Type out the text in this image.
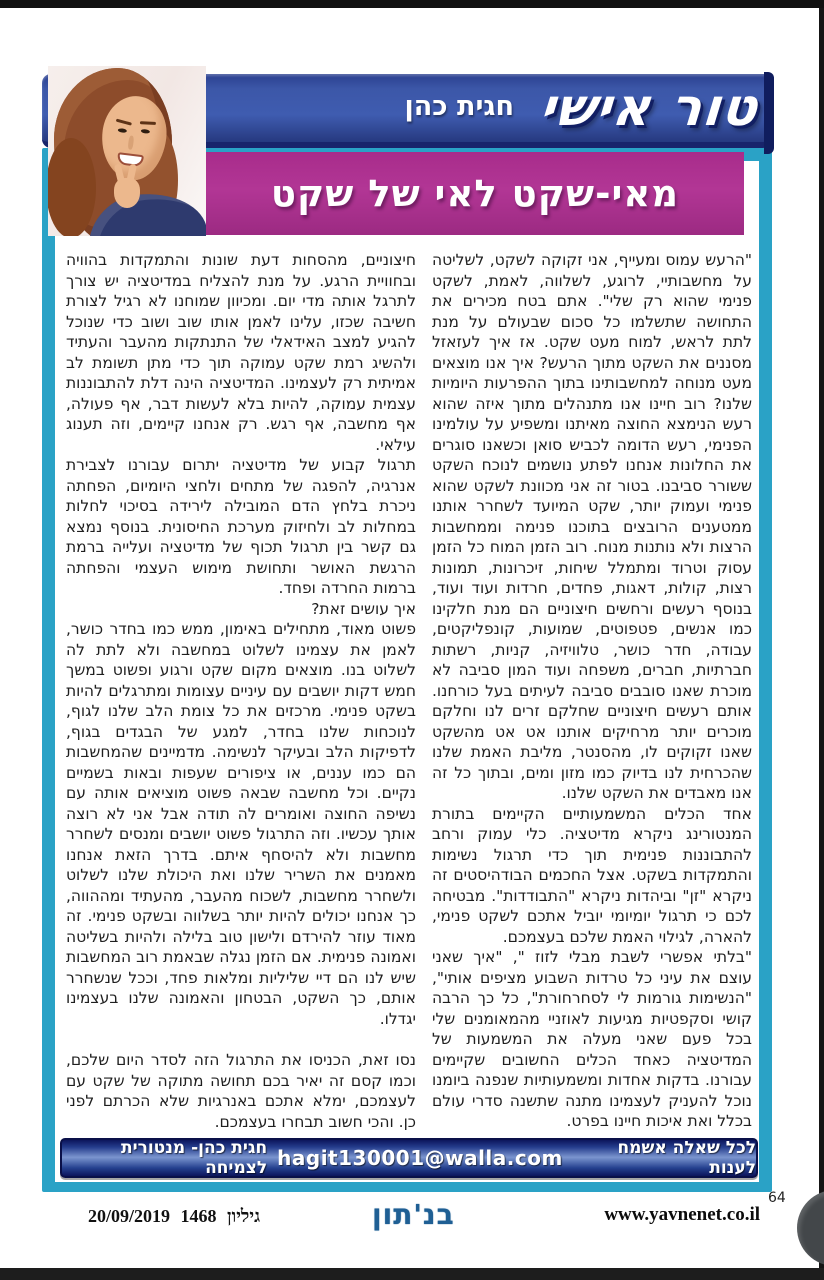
טור אישי
חגית כהן
מאי-שקט לאי של שקט

"הרעש עמוס ומעייף, אני זקוקה לשקט, לשליטה על מחשבותיי, לרוגע, לשלווה, לאמת, לשקט פנימי שהוא רק שלי". אתם בטח מכירים את התחושה שתשלמו כל סכום שבעולם על מנת לתת לראש, למוח מעט שקט. אז איך לעזאזל מסננים את השקט מתוך הרעש? איך אנו מוצאים מעט מנוחה למחשבותינו בתוך ההפרעות היומיות שלנו? רוב חיינו אנו מתנהלים מתוך איזה שהוא רעש הנימצא החוצה מאיתנו ומשפיע על עולמינו הפנימי, רעש הדומה לכביש סואן וכשאנו סוגרים את החלונות אנחנו לפתע נושמים לנוכח השקט ששורר סביבנו. בטור זה אני מכוונת לשקט שהוא פנימי ועמוק יותר, שקט המיועד לשחרר אותנו ממטענים הרובצים בתוכנו פנימה וממחשבות הרצות ולא נותנות מנוח. רוב הזמן המוח כל הזמן עסוק וטרוד ומתמלל שיחות, זיכרונות, תמונות רצות, קולות, דאגות, פחדים, חרדות ועוד ועוד, בנוסף רעשים ורחשים חיצוניים הם מנת חלקינו כמו אנשים, פטפוטים, שמועות, קונפליקטים, עבודה, חדר כושר, טלוויזיה, קניות, רשתות חברתיות, חברים, משפחה ועוד המון סביבה לא מוכרת שאנו סובבים סביבה לעיתים בעל כורחנו. אותם רעשים חיצוניים שחלקם זרים לנו וחלקם מוכרים יותר מרחיקים אותנו אט אט מהשקט שאנו זקוקים לו, מהסנטר, מליבת האמת שלנו שהכרחית לנו בדיוק כמו מזון ומים, ובתוך כל זה אנו מאבדים את השקט שלנו.

אחד הכלים המשמעותיים הקיימים בתורת המנטורינג ניקרא מדיטציה. כלי עמוק ורחב להתבוננות פנימית תוך כדי תרגול נשימות והתמקדות בשקט. אצל החכמים הבודהיסטים זה ניקרא "זן" וביהדות ניקרא "התבודדות". מבטיחה לכם כי תרגול יומיומי יוביל אתכם לשקט פנימי, להארה, לגילוי האמת שלכם בעצמכם.

"בלתי אפשרי לשבת מבלי לזוז ", "איך שאני עוצם את עיני כל טרדות השבוע מציפים אותי", "הנשימות גורמות לי לסחרחורת", כל כך הרבה קושי וסקפטיות מגיעות לאוזניי מהמאומנים שלי בכל פעם שאני מעלה את המשמעות של המדיטציה כאחד הכלים החשובים שקיימים עבורנו. בדקות אחדות ומשמעותיות שנפנה ביומנו נוכל להעניק לעצמינו מתנה שתשנה סדרי עולם בכלל ואת איכות חיינו בפרט.

חיצוניים, מהסחות דעת שונות והתמקדות בהוויה ובחוויית הרגע. על מנת להצליח במדיטציה יש צורך לתרגל אותה מדי יום. ומכיוון שמוחנו לא רגיל לצורת חשיבה שכזו, עלינו לאמן אותו שוב ושוב כדי שנוכל להגיע למצב האידאלי של התנתקות מהעבר והעתיד ולהשיג רמת שקט עמוקה תוך כדי מתן תשומת לב אמיתית רק לעצמינו. המדיטציה הינה דלת להתבוננות עצמית עמוקה, להיות בלא לעשות דבר, אף פעולה, אף מחשבה, אף רגש. רק אנחנו קיימים, וזה תענוג עילאי.

תרגול קבוע של מדיטציה יתרום עבורנו לצבירת אנרגיה, להפגה של מתחים ולחצי היומיום, הפחתה ניכרת בלחץ הדם המובילה לירידה בסיכוי לחלות במחלות לב ולחיזוק מערכת החיסונית. בנוסף נמצא גם קשר בין תרגול תכוף של מדיטציה ועלייה ברמת הרגשת האושר ותחושת מימוש העצמי והפחתה ברמות החרדה ופחד.

איך עושים זאת?

פשוט מאוד, מתחילים באימון, ממש כמו בחדר כושר, לאמן את עצמינו לשלוט במחשבה ולא לתת לה לשלוט בנו. מוצאים מקום שקט ורגוע ופשוט במשך חמש דקות יושבים עם עיניים עצומות ומתרגלים להיות בשקט פנימי. מרכזים את כל צומת הלב שלנו לגוף, לנוכחות שלנו בחדר, למגע של הבגדים בגוף, לדפיקות הלב ובעיקר לנשימה. מדמיינים שהמחשבות הם כמו עננים, או ציפורים שעפות ובאות בשמיים נקיים. וכל מחשבה שבאה פשוט מוציאים אותה עם נשיפה החוצה ואומרים לה תודה אבל אני לא רוצה אותך עכשיו. וזה התרגול פשוט יושבים ומנסים לשחרר מחשבות ולא להיסחף איתם. בדרך הזאת אנחנו מאמנים את השריר שלנו ואת היכולת שלנו לשלוט ולשחרר מחשבות, לשכוח מהעבר, מהעתיד ומההווה, כך אנחנו יכולים להיות יותר בשלווה ובשקט פנימי. זה מאוד עוזר להירדם ולישון טוב בלילה ולהיות בשליטה ואמונה פנימית. אם הזמן נגלה שבאמת רוב המחשבות שיש לנו הם דיי שליליות ומלאות פחד, וככל שנשחרר אותם, כך השקט, הבטחון והאמונה שלנו בעצמינו יגדלו.

נסו זאת, הכניסו את התרגול הזה לסדר היום שלכם, וכמו קסם זה יאיר בכם תחושה מתוקה של שקט עם לעצמכם, ימלא אתכם באנרגיות שלא הכרתם לפני כן. והכי חשוב תבחרו בעצמכם.

לכל שאלה אשמח לענות
hagit130001@walla.com
חגית כהן- מנטורית לצמיחה
20/09/2019 1468 גיליון	בנ'תון	www.yavnenet.co.il
64
